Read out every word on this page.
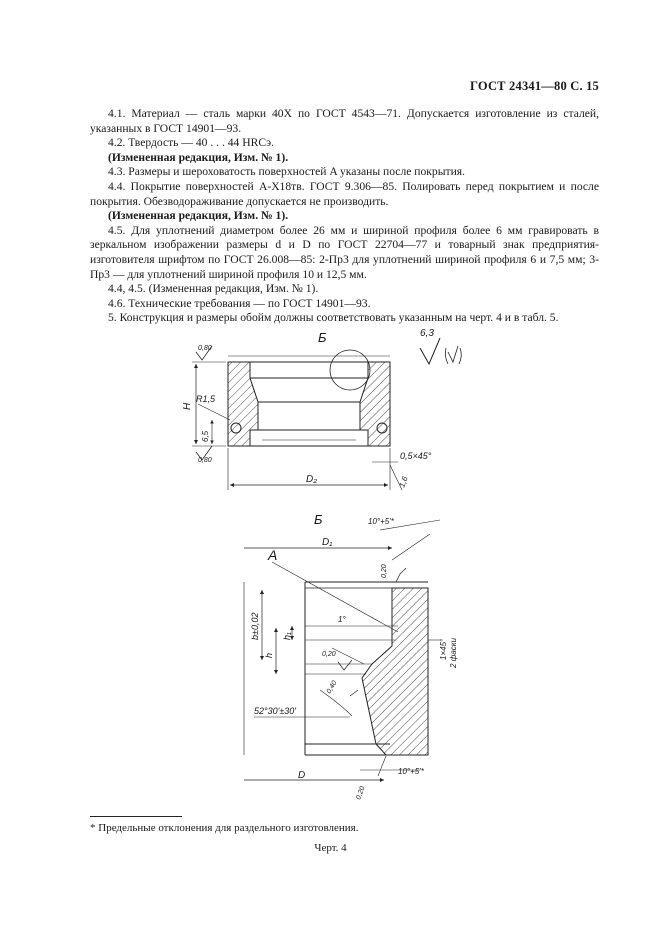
ГОСТ 24341—80 С. 15

4.1. Материал — сталь марки 40Х по ГОСТ 4543—71. Допускается изготовление из сталей, указанных в ГОСТ 14901—93.

4.2. Твердость — 40 . . . 44 HRCэ.

(Измененная редакция, Изм. № 1).

4.3. Размеры и шероховатость поверхностей A указаны после покрытия.

4.4. Покрытие поверхностей А-Х18тв. ГОСТ 9.306—85. Полировать перед покрытием и после покрытия. Обезводораживание допускается не производить.

(Измененная редакция, Изм. № 1).

4.5. Для уплотнений диаметром более 26 мм и шириной профиля более 6 мм гравировать в зеркальном изображении размеры d и D по ГОСТ 22704—77 и товарный знак предприятия-изготовителя шрифтом по ГОСТ 26.008—85: 2-Пр3 для уплотнений шириной профиля 6 и 7,5 мм; 3-Пр3 — для уплотнений шириной профиля 10 и 12,5 мм.

4.4, 4.5. (Измененная редакция, Изм. № 1).

4.6. Технические требования — по ГОСТ 14901—93.

5. Конструкция и размеры обойм должны соответствовать указанным на черт. 4 и в табл. 5.

Б	6,3
0,80
0,80
R1,5
H
6,5
D₂
0,5×45°
1,6
Б	10°+5'*
A
D₁
0,20
b±0,02
h
h₁
1°
0,20
0,40
52°30'±30'
D	10°+5'*
0,20
1×45° 2 фаски
* Предельные отклонения для раздельного изготовления.
Черт. 4
